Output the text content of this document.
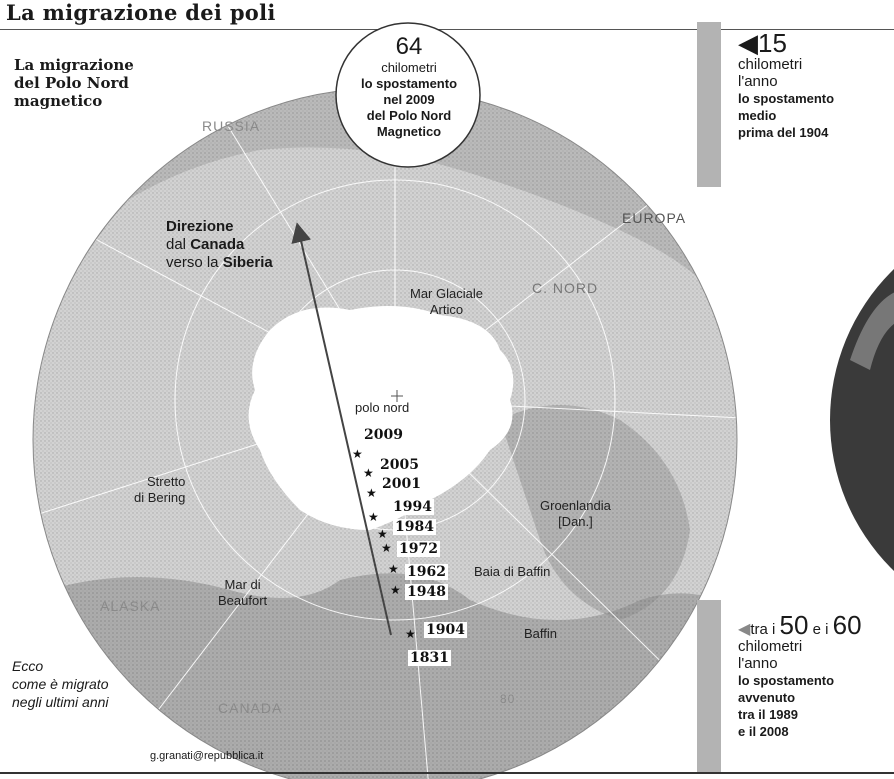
La migrazione dei poli
★
★
★
★
★
★
★
★
★
La migrazione
del Polo Nord
magnetico
64
chilometri
lo spostamento
nel 2009
del Polo Nord
Magnetico
◀15
chilometri
l'anno
lo spostamento
medio
prima del 1904
◀tra i 50 e i 60
chilometri
l'anno
lo spostamento
avvenuto
tra il 1989
e il 2008
Direzione
dal Canada
verso la Siberia
RUSSIA
EUROPA
C. NORD
Mar Glaciale
Artico
polo nord
Stretto
di Bering
Groenlandia
[Dan.]
Baia di Baffin
Mar di
Beaufort
ALASKA
Baffin
CANADA
80
2009
2005
2001
1994
1984
1972
1962
1948
1904
1831
Ecco
come è migrato
negli ultimi anni
g.granati@repubblica.it
